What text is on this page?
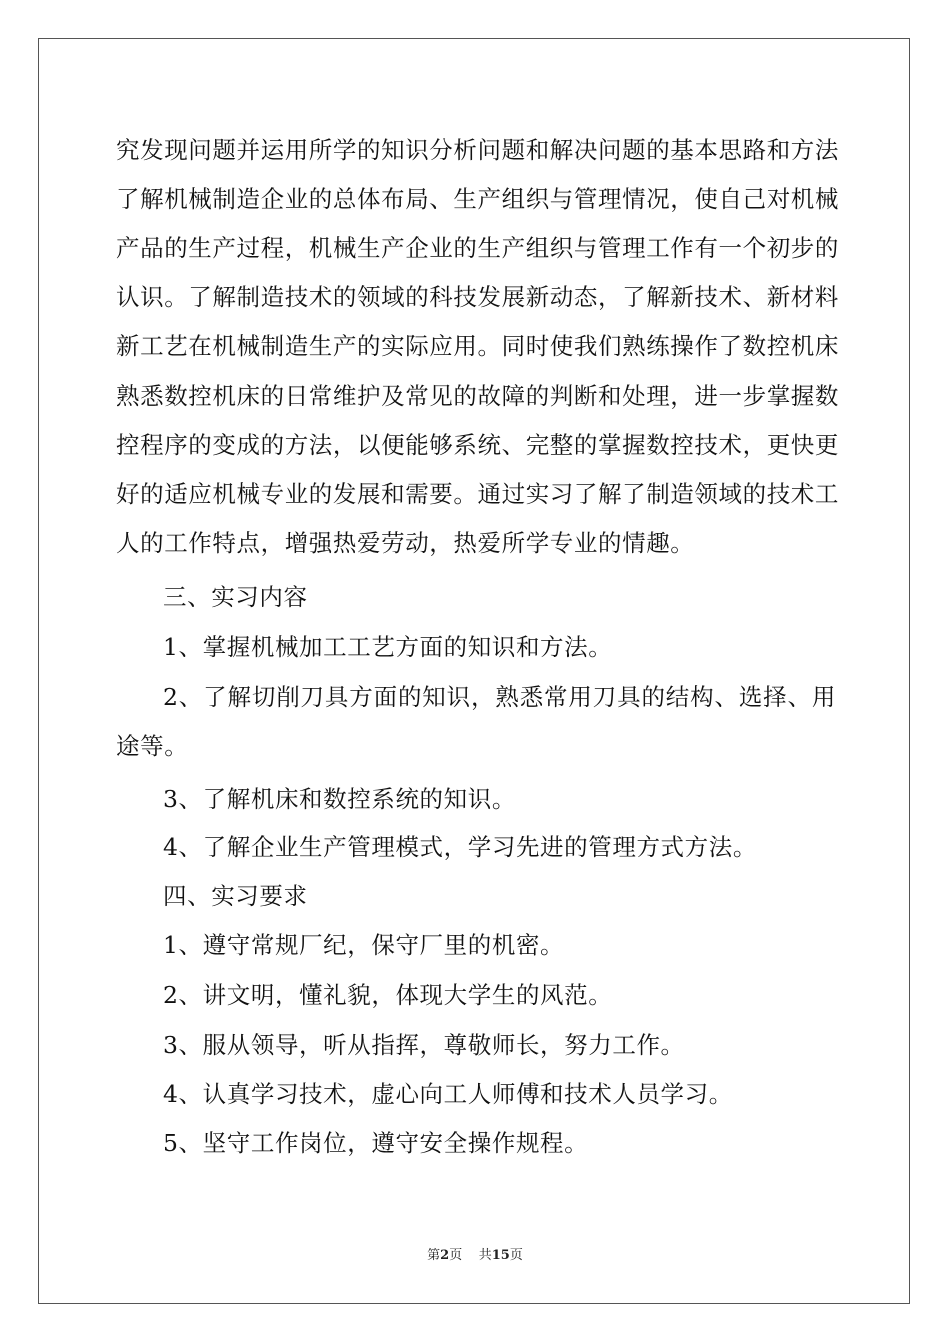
究发现问题并运用所学的知识分析问题和解决问题的基本思路和方法
了解机械制造企业的总体布局、生产组织与管理情况，使自己对机械
产品的生产过程，机械生产企业的生产组织与管理工作有一个初步的
认识。了解制造技术的领域的科技发展新动态，了解新技术、新材料
新工艺在机械制造生产的实际应用。同时使我们熟练操作了数控机床
熟悉数控机床的日常维护及常见的故障的判断和处理，进一步掌握数
控程序的变成的方法，以便能够系统、完整的掌握数控技术，更快更
好的适应机械专业的发展和需要。通过实习了解了制造领域的技术工
人的工作特点，增强热爱劳动，热爱所学专业的情趣。
三、实习内容
1、掌握机械加工工艺方面的知识和方法。
2、了解切削刀具方面的知识，熟悉常用刀具的结构、选择、用
途等。
3、了解机床和数控系统的知识。
4、了解企业生产管理模式，学习先进的管理方式方法。
四、实习要求
1、遵守常规厂纪，保守厂里的机密。
2、讲文明，懂礼貌，体现大学生的风范。
3、服从领导，听从指挥，尊敬师长，努力工作。
4、认真学习技术，虚心向工人师傅和技术人员学习。
5、坚守工作岗位，遵守安全操作规程。
第2页 共15页
